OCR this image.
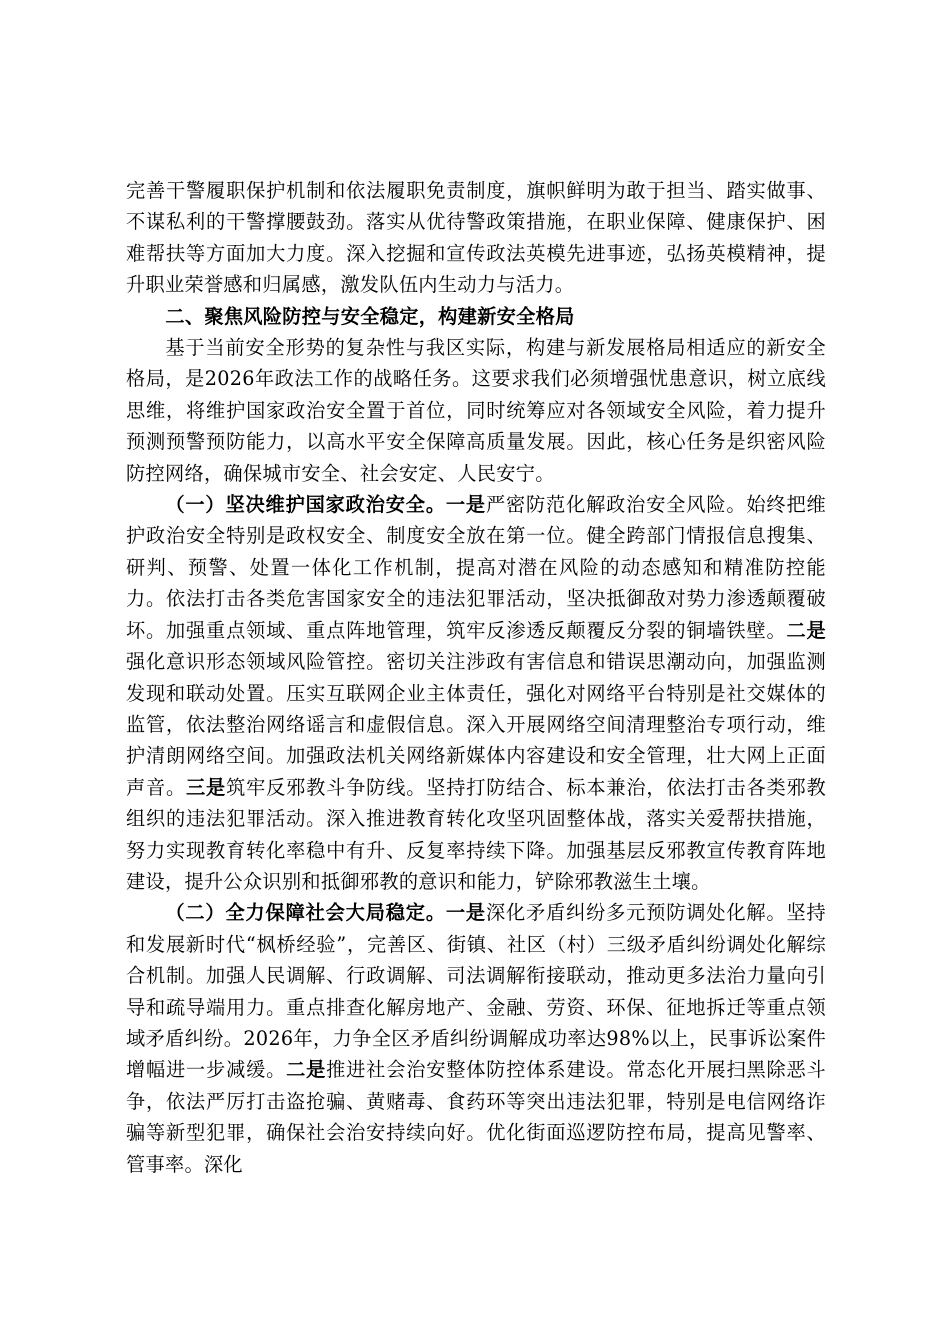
完善干警履职保护机制和依法履职免责制度，旗帜鲜明为敢于担当、踏实做事、不谋私利的干警撑腰鼓劲。落实从优待警政策措施，在职业保障、健康保护、困难帮扶等方面加大力度。深入挖掘和宣传政法英模先进事迹，弘扬英模精神，提升职业荣誉感和归属感，激发队伍内生动力与活力。

二、聚焦风险防控与安全稳定，构建新安全格局

基于当前安全形势的复杂性与我区实际，构建与新发展格局相适应的新安全格局，是2026年政法工作的战略任务。这要求我们必须增强忧患意识，树立底线思维，将维护国家政治安全置于首位，同时统筹应对各领域安全风险，着力提升预测预警预防能力，以高水平安全保障高质量发展。因此，核心任务是织密风险防控网络，确保城市安全、社会安定、人民安宁。

（一）坚决维护国家政治安全。一是严密防范化解政治安全风险。始终把维护政治安全特别是政权安全、制度安全放在第一位。健全跨部门情报信息搜集、研判、预警、处置一体化工作机制，提高对潜在风险的动态感知和精准防控能力。依法打击各类危害国家安全的违法犯罪活动，坚决抵御敌对势力渗透颠覆破坏。加强重点领域、重点阵地管理，筑牢反渗透反颠覆反分裂的铜墙铁壁。二是强化意识形态领域风险管控。密切关注涉政有害信息和错误思潮动向，加强监测发现和联动处置。压实互联网企业主体责任，强化对网络平台特别是社交媒体的监管，依法整治网络谣言和虚假信息。深入开展网络空间清理整治专项行动，维护清朗网络空间。加强政法机关网络新媒体内容建设和安全管理，壮大网上正面声音。三是筑牢反邪教斗争防线。坚持打防结合、标本兼治，依法打击各类邪教组织的违法犯罪活动。深入推进教育转化攻坚巩固整体战，落实关爱帮扶措施，努力实现教育转化率稳中有升、反复率持续下降。加强基层反邪教宣传教育阵地建设，提升公众识别和抵御邪教的意识和能力，铲除邪教滋生土壤。

（二）全力保障社会大局稳定。一是深化矛盾纠纷多元预防调处化解。坚持和发展新时代“枫桥经验”，完善区、街镇、社区（村）三级矛盾纠纷调处化解综合机制。加强人民调解、行政调解、司法调解衔接联动，推动更多法治力量向引导和疏导端用力。重点排查化解房地产、金融、劳资、环保、征地拆迁等重点领域矛盾纠纷。2026年，力争全区矛盾纠纷调解成功率达98%以上，民事诉讼案件增幅进一步减缓。二是推进社会治安整体防控体系建设。常态化开展扫黑除恶斗争，依法严厉打击盗抢骗、黄赌毒、食药环等突出违法犯罪，特别是电信网络诈骗等新型犯罪，确保社会治安持续向好。优化街面巡逻防控布局，提高见警率、管事率。深化
